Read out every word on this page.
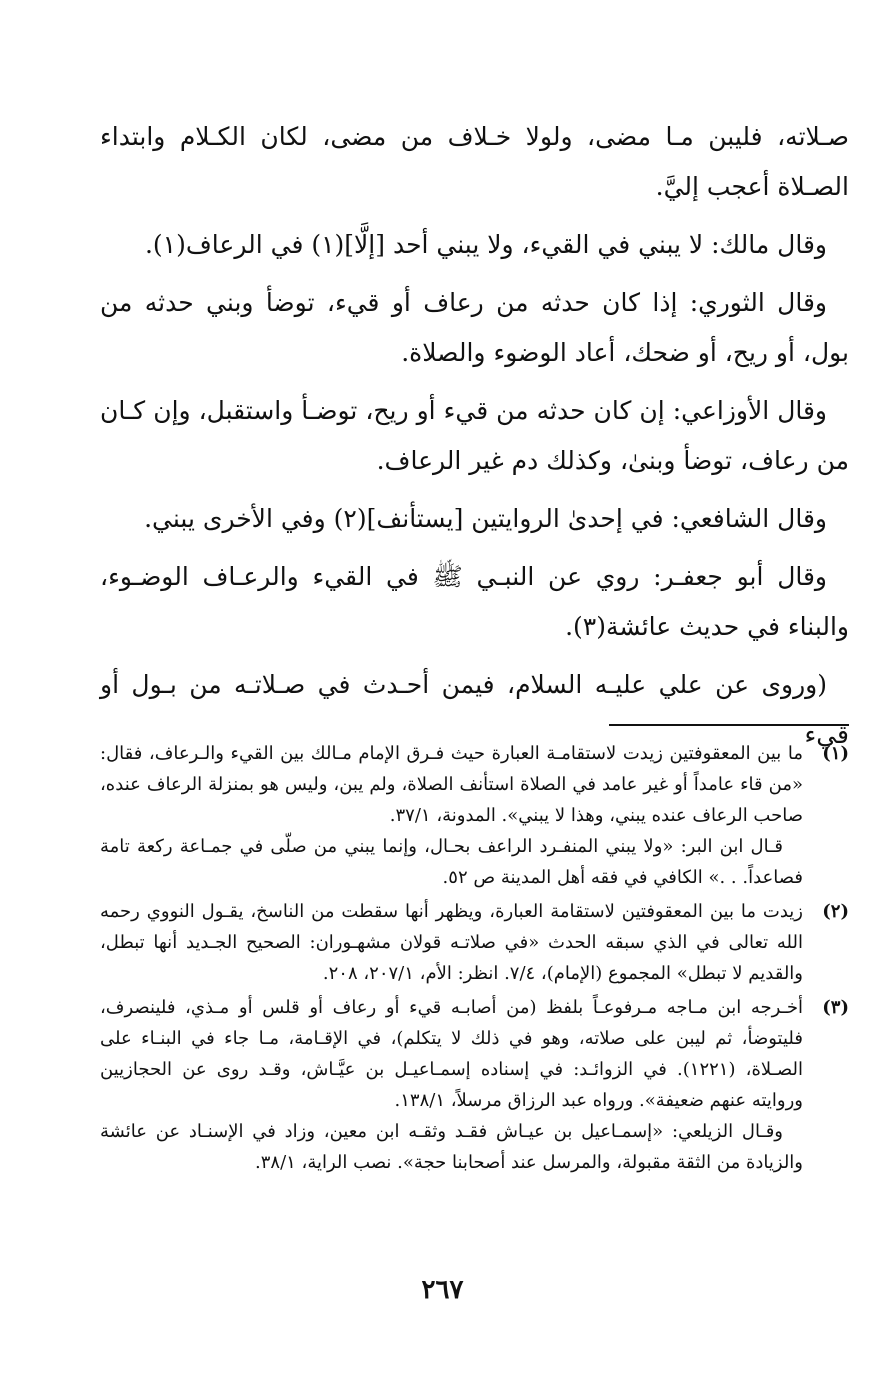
صـلاته، فليبن مـا مضى، ولولا خـلاف من مضى، لكان الكـلام وابتداء الصـلاة أعجب إليَّ.

وقال مالك: لا يبني في القيء، ولا يبني أحد [إلَّا](١) في الرعاف(١).

وقال الثوري: إذا كان حدثه من رعاف أو قيء، توضأ وبني حدثه من بول، أو ريح، أو ضحك، أعاد الوضوء والصلاة.

وقال الأوزاعي: إن كان حدثه من قيء أو ريح، توضـأ واستقبل، وإن كـان من رعاف، توضأ وبنىٰ، وكذلك دم غير الرعاف.

وقال الشافعي: في إحدىٰ الروايتين [يستأنف](٢) وفي الأخرى يبني.

وقال أبو جعفـر: روي عن النبـي ﷺ في القيء والرعـاف الوضـوء، والبناء في حديث عائشة(٣).

(وروى عن علي عليـه السلام، فيمن أحـدث في صـلاتـه من بـول أو قيء

(١)

ما بين المعقوفتين زيدت لاستقامـة العبارة حيث فـرق الإمام مـالك بين القيء والـرعاف، فقال: «من قاء عامداً أو غير عامد في الصلاة استأنف الصلاة، ولم يبن، وليس هو بمنزلة الرعاف عنده، صاحب الرعاف عنده يبني، وهذا لا يبني». المدونة، ٣٧/١.

قـال ابن البر: «ولا يبني المنفـرد الراعف بحـال، وإنما يبني من صلّى في جمـاعة ركعة تامة فصاعداً. . .» الكافي في فقه أهل المدينة ص ٥٢.

(٢)

زيدت ما بين المعقوفتين لاستقامة العبارة، ويظهر أنها سقطت من الناسخ، يقـول النووي رحمه الله تعالى في الذي سبقه الحدث «في صلاتـه قولان مشهـوران: الصحيح الجـديد أنها تبطل، والقديم لا تبطل» المجموع (الإمام)، ٧/٤. انظر: الأم، ٢٠٧/١، ٢٠٨.

(٣)

أخـرجه ابن مـاجه مـرفوعـاً بلفظ (من أصابـه قيء أو رعاف أو قلس أو مـذي، فلينصرف، فليتوضأ، ثم ليبن على صلاته، وهو في ذلك لا يتكلم)، في الإقـامة، مـا جاء في البنـاء على الصـلاة، (١٢٢١). في الزوائـد: في إسناده إسمـاعيـل بن عيَّـاش، وقـد روى عن الحجازيين وروايته عنهم ضعيفة». ورواه عبد الرزاق مرسلاً، ١٣٨/١.

وقـال الزيلعي: «إسمـاعيل بن عيـاش فقـد وثقـه ابن معين، وزاد في الإسنـاد عن عائشة والزيادة من الثقة مقبولة، والمرسل عند أصحابنا حجة». نصب الراية، ٣٨/١.

٢٦٧
